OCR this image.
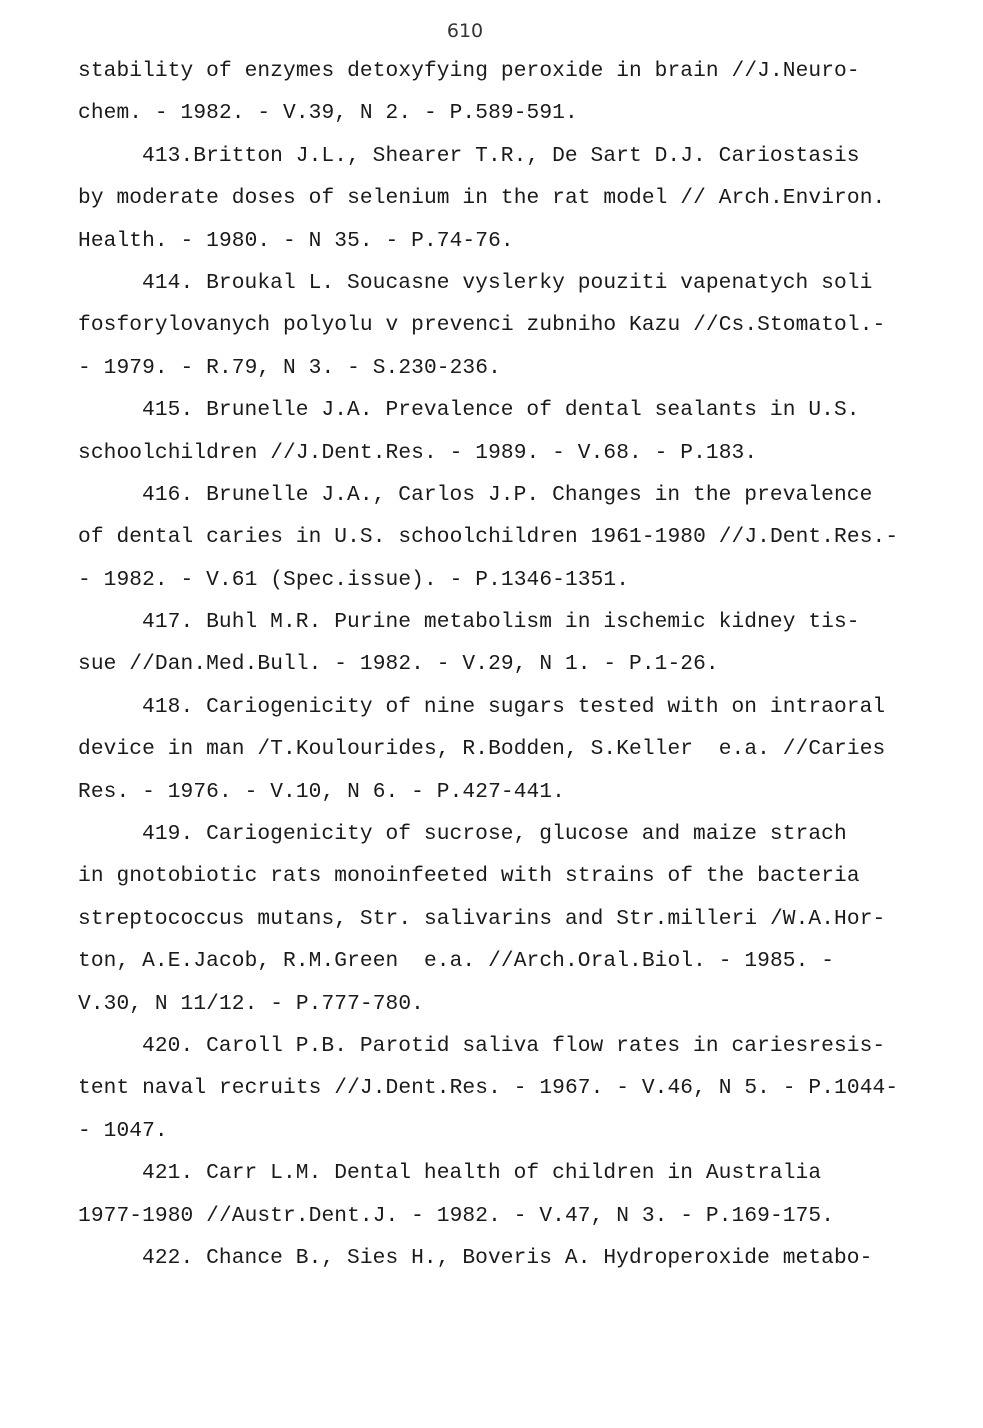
610
stability of enzymes detoxyfying peroxide in brain //J.Neuro-
chem. - 1982. - V.39, N 2. - P.589-591.
413.Britton J.L., Shearer T.R., De Sart D.J. Cariostasis
by moderate doses of selenium in the rat model // Arch.Environ.
Health. - 1980. - N 35. - P.74-76.
414. Broukal L. Soucasne vyslerky pouziti vapenatych soli
fosforylovanych polyolu v prevenci zubniho Kazu //Cs.Stomatol.-
- 1979. - R.79, N 3. - S.230-236.
415. Brunelle J.A. Prevalence of dental sealants in U.S.
schoolchildren //J.Dent.Res. - 1989. - V.68. - P.183.
416. Brunelle J.A., Carlos J.P. Changes in the prevalence
of dental caries in U.S. schoolchildren 1961-1980 //J.Dent.Res.-
- 1982. - V.61 (Spec.issue). - P.1346-1351.
417. Buhl M.R. Purine metabolism in ischemic kidney tis-
sue //Dan.Med.Bull. - 1982. - V.29, N 1. - P.1-26.
418. Cariogenicity of nine sugars tested with on intraoral
device in man /T.Koulourides, R.Bodden, S.Keller  e.a. //Caries
Res. - 1976. - V.10, N 6. - P.427-441.
419. Cariogenicity of sucrose, glucose and maize strach
in gnotobiotic rats monoinfeeted with strains of the bacteria
streptococcus mutans, Str. salivarins and Str.milleri /W.A.Hor-
ton, A.E.Jacob, R.M.Green  e.a. //Arch.Oral.Biol. - 1985. -
V.30, N 11/12. - P.777-780.
420. Caroll P.B. Parotid saliva flow rates in cariesresis-
tent naval recruits //J.Dent.Res. - 1967. - V.46, N 5. - P.1044-
- 1047.
421. Carr L.M. Dental health of children in Australia
1977-1980 //Austr.Dent.J. - 1982. - V.47, N 3. - P.169-175.
422. Chance B., Sies H., Boveris A. Hydroperoxide metabo-
